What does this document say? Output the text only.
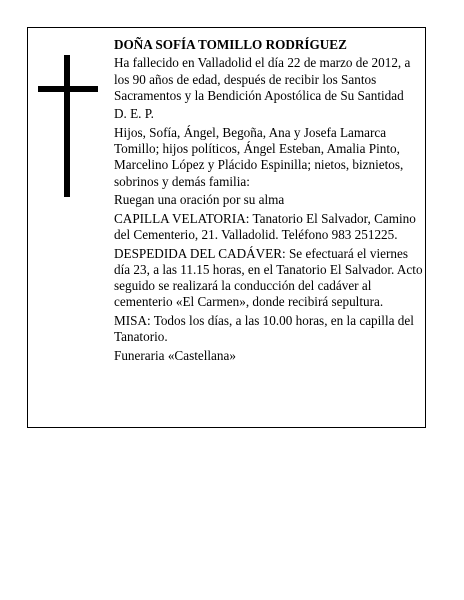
DOÑA SOFÍA TOMILLO RODRÍGUEZ

Ha fallecido en Valladolid el día 22 de marzo de 2012, a los 90 años de edad, después de recibir los Santos Sacramentos y la Bendición Apostólica de Su Santidad

D. E. P.

Hijos, Sofía, Ángel, Begoña, Ana y Josefa Lamarca Tomillo; hijos políticos, Ángel Esteban, Amalia Pinto, Marcelino López y Plácido Espinilla; nietos, biznietos, sobrinos y demás familia:

Ruegan una oración por su alma

CAPILLA VELATORIA: Tanatorio El Salvador, Camino del Cementerio, 21. Valladolid. Teléfono 983 251225.

DESPEDIDA DEL CADÁVER: Se efectuará el viernes día 23, a las 11.15 horas, en el Tanatorio El Salvador. Acto seguido se realizará la conducción del cadáver al cementerio «El Carmen», donde recibirá sepultura.

MISA: Todos los días, a las 10.00 horas, en la capilla del Tanatorio.

Funeraria «Castellana»
